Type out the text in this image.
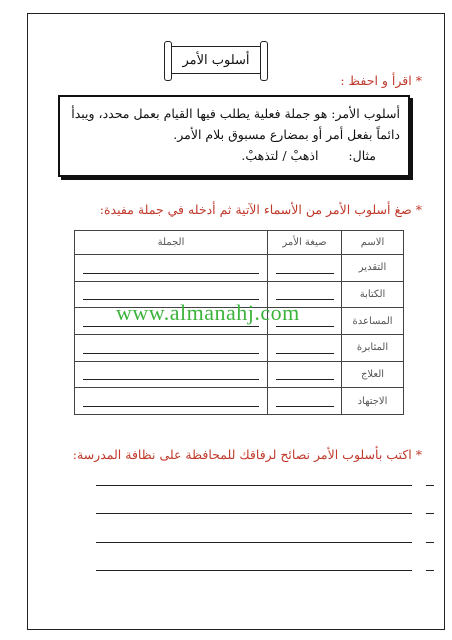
أسلوب الأمر
*اقرأ و احفظ :
أسلوب الأمر: هو جملة فعلية يطلب فيها القيام بعمل محدد، ويبدأ
دائماً بفعل أمر أو بمضارع مسبوق بلام الأمر.
مثال: اذهبْ / لتذهبْ.
*صغ أسلوب الأمر من الأسماء الآتية ثم أدخله في جملة مفيدة:
الاسم	صيغة الأمر	الجملة
التقدير		
الكتابة		
المساعدة		
المثابرة		
العلاج		
الاجتهاد		
www.almanahj.com
*اكتب بأسلوب الأمر نصائح لرفاقك للمحافظة على نظافة المدرسة:
